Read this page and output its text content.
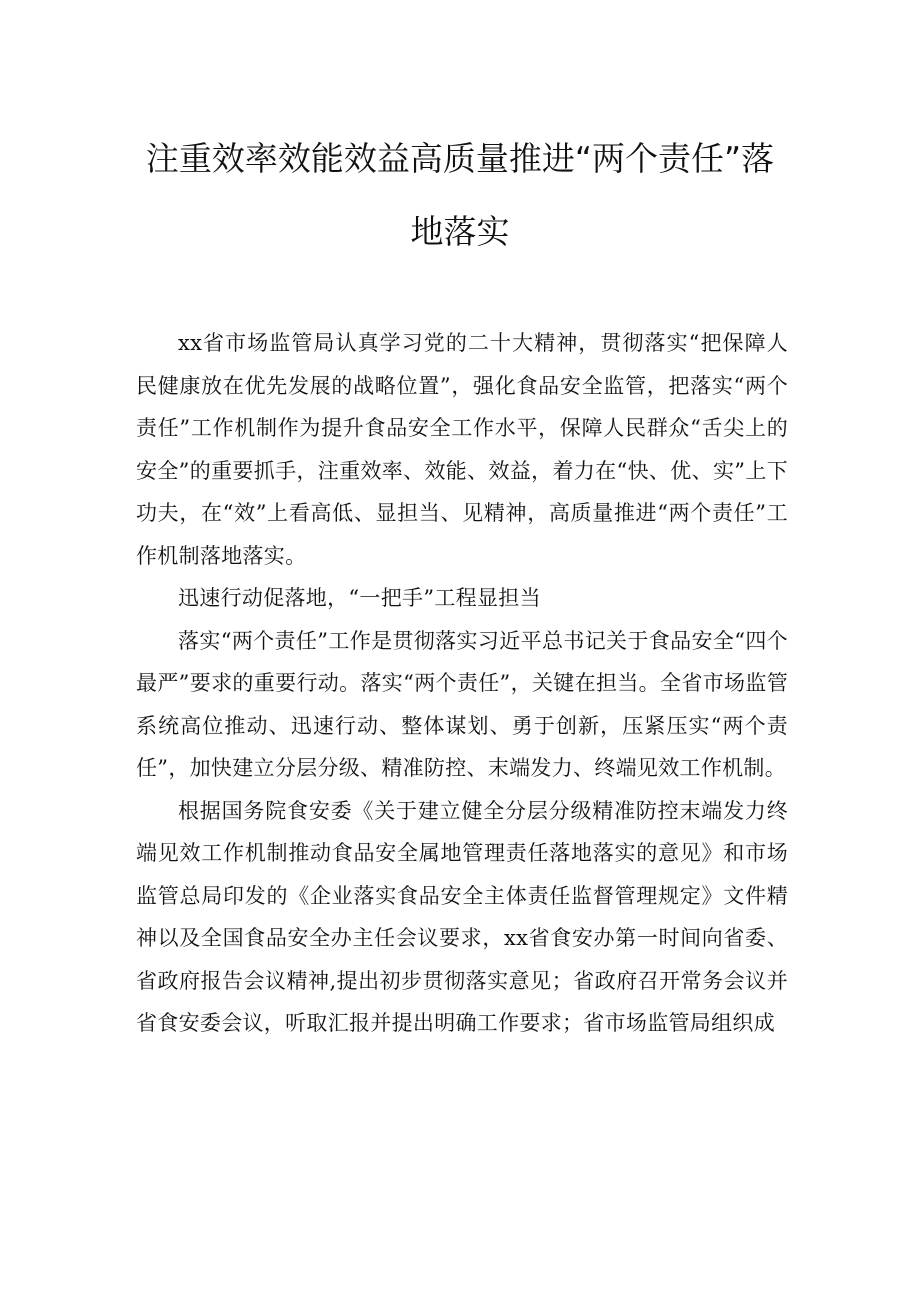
注重效率效能效益高质量推进“两个责任”落
地落实

xx省市场监管局认真学习党的二十大精神，贯彻落实“把保障人民健康放在优先发展的战略位置”，强化食品安全监管，把落实“两个责任”工作机制作为提升食品安全工作水平，保障人民群众“舌尖上的安全”的重要抓手，注重效率、效能、效益，着力在“快、优、实”上下功夫，在“效”上看高低、显担当、见精神，高质量推进“两个责任”工作机制落地落实。

迅速行动促落地，“一把手”工程显担当

落实“两个责任”工作是贯彻落实习近平总书记关于食品安全“四个最严”要求的重要行动。落实“两个责任”，关键在担当。全省市场监管系统高位推动、迅速行动、整体谋划、勇于创新，压紧压实“两个责任”，加快建立分层分级、精准防控、末端发力、终端见效工作机制。

根据国务院食安委《关于建立健全分层分级精准防控末端发力终端见效工作机制推动食品安全属地管理责任落地落实的意见》和市场监管总局印发的《企业落实食品安全主体责任监督管理规定》文件精神以及全国食品安全办主任会议要求，xx省食安办第一时间向省委、省政府报告会议精神,提出初步贯彻落实意见；省政府召开常务会议并省食安委会议，听取汇报并提出明确工作要求；省市场监管局组织成
